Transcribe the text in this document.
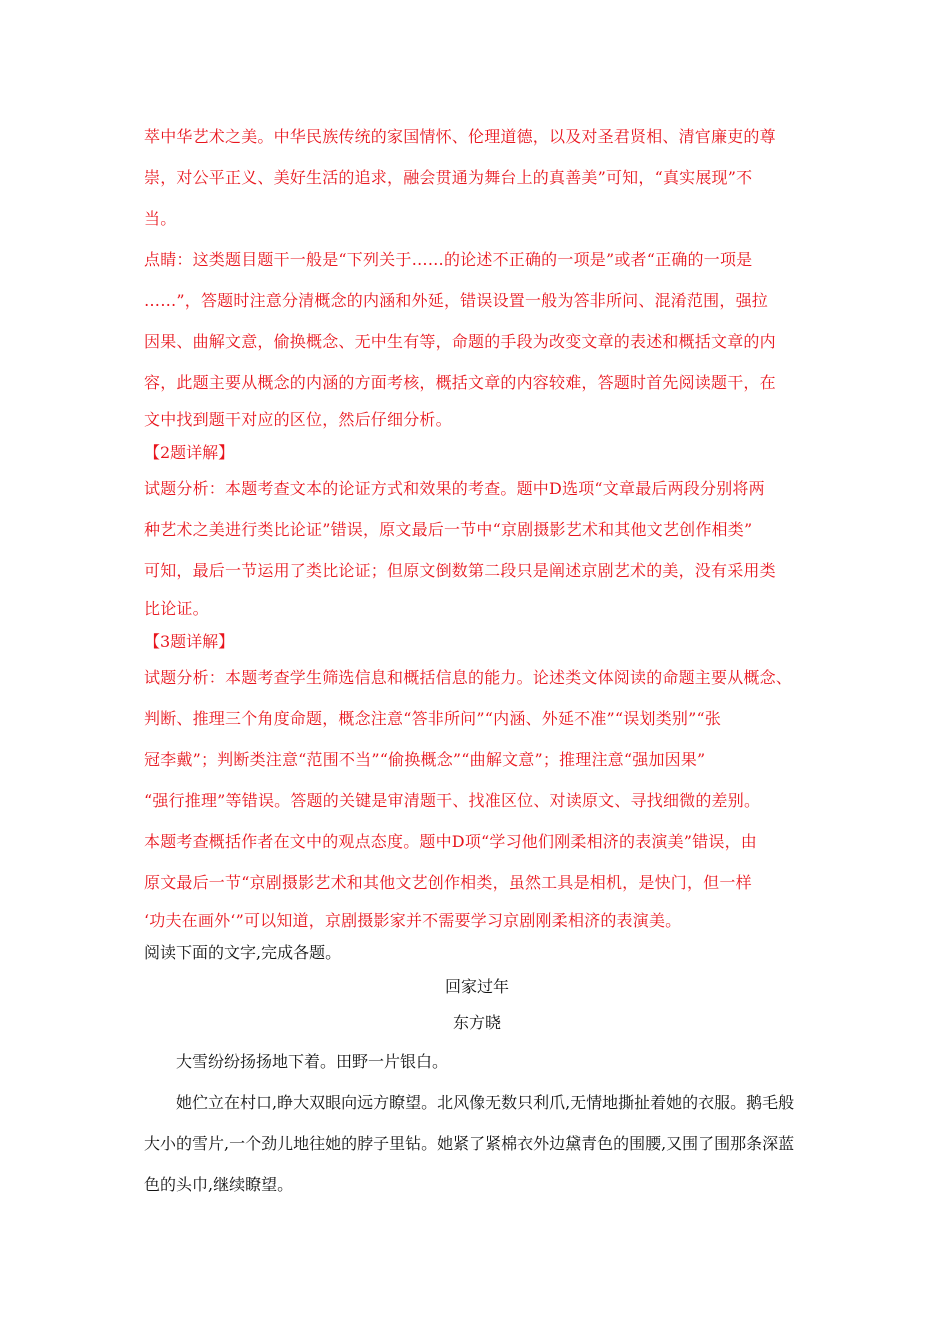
萃中华艺术之美。中华民族传统的家国情怀、伦理道德，以及对圣君贤相、清官廉吏的尊

崇，对公平正义、美好生活的追求，融会贯通为舞台上的真善美”可知，“真实展现”不

当。

点睛：这类题目题干一般是“下列关于……的论述不正确的一项是”或者“正确的一项是

……”，答题时注意分清概念的内涵和外延，错误设置一般为答非所问、混淆范围，强拉

因果、曲解文意，偷换概念、无中生有等，命题的手段为改变文章的表述和概括文章的内

容，此题主要从概念的内涵的方面考核，概括文章的内容较难，答题时首先阅读题干，在

文中找到题干对应的区位，然后仔细分析。

【2题详解】

试题分析：本题考查文本的论证方式和效果的考查。题中D选项“文章最后两段分别将两

种艺术之美进行类比论证”错误，原文最后一节中“京剧摄影艺术和其他文艺创作相类”

可知，最后一节运用了类比论证；但原文倒数第二段只是阐述京剧艺术的美，没有采用类

比论证。

【3题详解】

试题分析：本题考查学生筛选信息和概括信息的能力。论述类文体阅读的命题主要从概念、

判断、推理三个角度命题，概念注意“答非所问”“内涵、外延不准”“误划类别”“张

冠李戴”；判断类注意“范围不当”“偷换概念”“曲解文意”；推理注意“强加因果”

“强行推理”等错误。答题的关键是审清题干、找准区位、对读原文、寻找细微的差别。

本题考查概括作者在文中的观点态度。题中D项“学习他们刚柔相济的表演美”错误，由

原文最后一节“京剧摄影艺术和其他文艺创作相类，虽然工具是相机，是快门，但一样

‘功夫在画外‘”可以知道，京剧摄影家并不需要学习京剧刚柔相济的表演美。

阅读下面的文字,完成各题。

回家过年

东方晓

大雪纷纷扬扬地下着。田野一片银白。

她伫立在村口,睁大双眼向远方瞭望。北风像无数只利爪,无情地撕扯着她的衣服。鹅毛般大小的雪片,一个劲儿地往她的脖子里钻。她紧了紧棉衣外边黛青色的围腰,又围了围那条深蓝色的头巾,继续瞭望。
